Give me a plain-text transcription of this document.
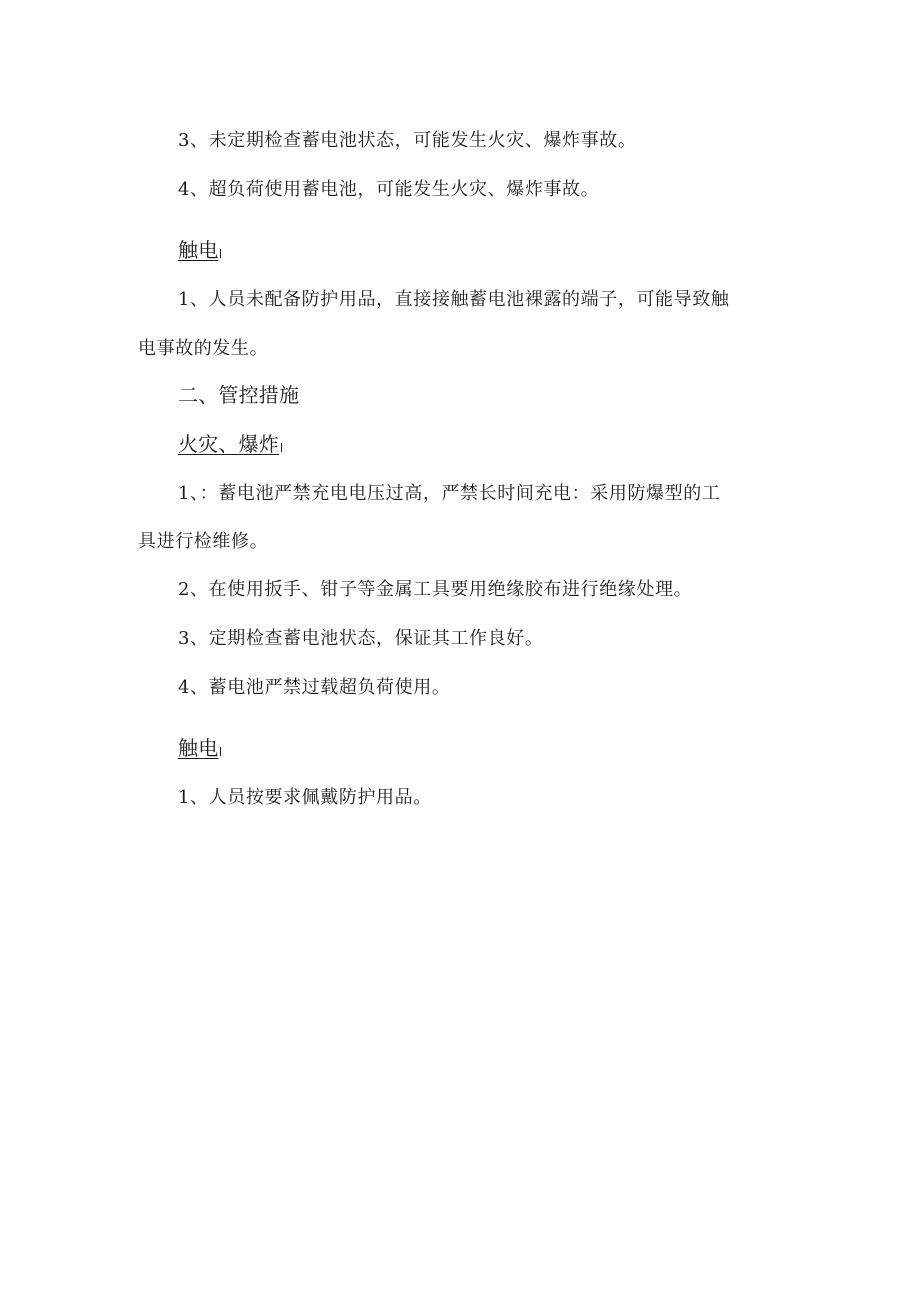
3、未定期检查蓄电池状态，可能发生火灾、爆炸事故。
4、超负荷使用蓄电池，可能发生火灾、爆炸事故。
触电
1、人员未配备防护用品，直接接触蓄电池裸露的端子，可能导致触
电事故的发生。
二、管控措施
火灾、爆炸
1、：蓄电池严禁充电电压过高，严禁长时间充电：采用防爆型的工
具进行检维修。
2、在使用扳手、钳子等金属工具要用绝缘胶布进行绝缘处理。
3、定期检查蓄电池状态，保证其工作良好。
4、蓄电池严禁过载超负荷使用。
触电
1、人员按要求佩戴防护用品。
